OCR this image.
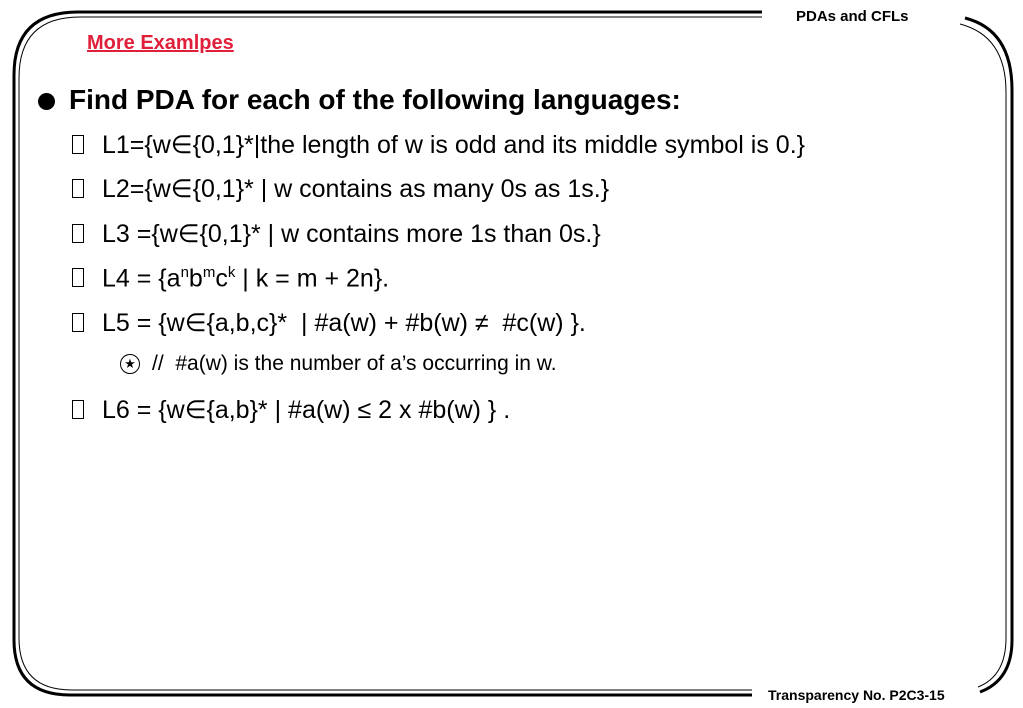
PDAs and CFLs
More Examlpes
Find PDA for each of the following languages:
L1={w∈{0,1}*|the length of w is odd and its middle symbol is 0.}
L2={w∈{0,1}* | w contains as many 0s as 1s.}
L3 ={w∈{0,1}* | w contains more 1s than 0s.}
$L4 = \{a^nb^mc^k$ | k = m + 2n}.
L5 = {w∈{a,b,c}*  | #a(w) + #b(w) ≠  #c(w) }.
★ //  #a(w) is the number of a’s occurring in w.
L6 = {w∈{a,b}* | #a(w) ≤ 2 x #b(w) } .
Transparency No. P2C3-15
